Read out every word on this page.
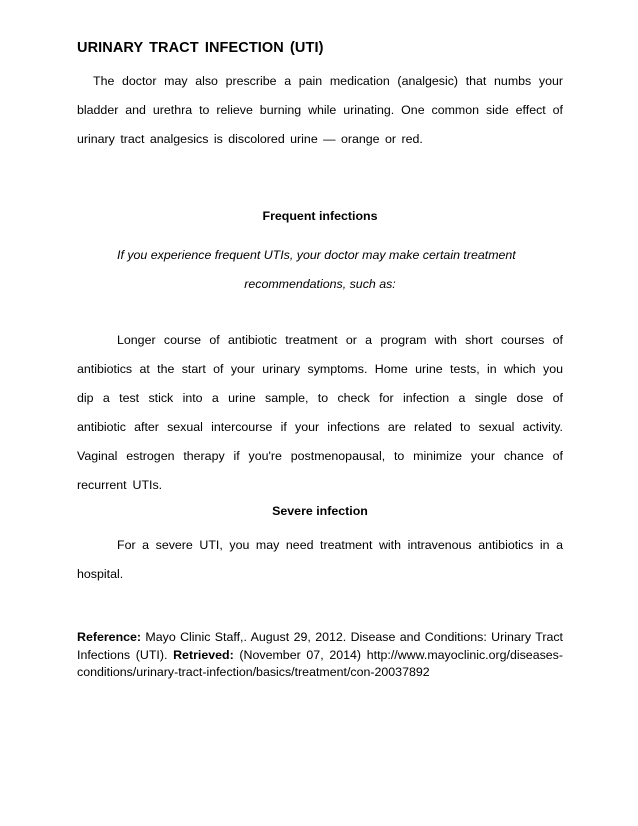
URINARY TRACT INFECTION (UTI)

The doctor may also prescribe a pain medication (analgesic) that numbs your bladder and urethra to relieve burning while urinating. One common side effect of urinary tract analgesics is discolored urine — orange or red.

Frequent infections

If you experience frequent UTIs, your doctor may make certain treatment

recommendations, such as:

Longer course of antibiotic treatment or a program with short courses of antibiotics at the start of your urinary symptoms. Home urine tests, in which you dip a test stick into a urine sample, to check for infection a single dose of antibiotic after sexual intercourse if your infections are related to sexual activity. Vaginal estrogen therapy if you're postmenopausal, to minimize your chance of recurrent UTIs.

Severe infection

For a severe UTI, you may need treatment with intravenous antibiotics in a hospital.

Reference: Mayo Clinic Staff,. August 29, 2012. Disease and Conditions: Urinary Tract Infections (UTI). Retrieved: (November 07, 2014) http://www.mayoclinic.org/diseases-conditions/urinary-tract-infection/basics/treatment/con-20037892
